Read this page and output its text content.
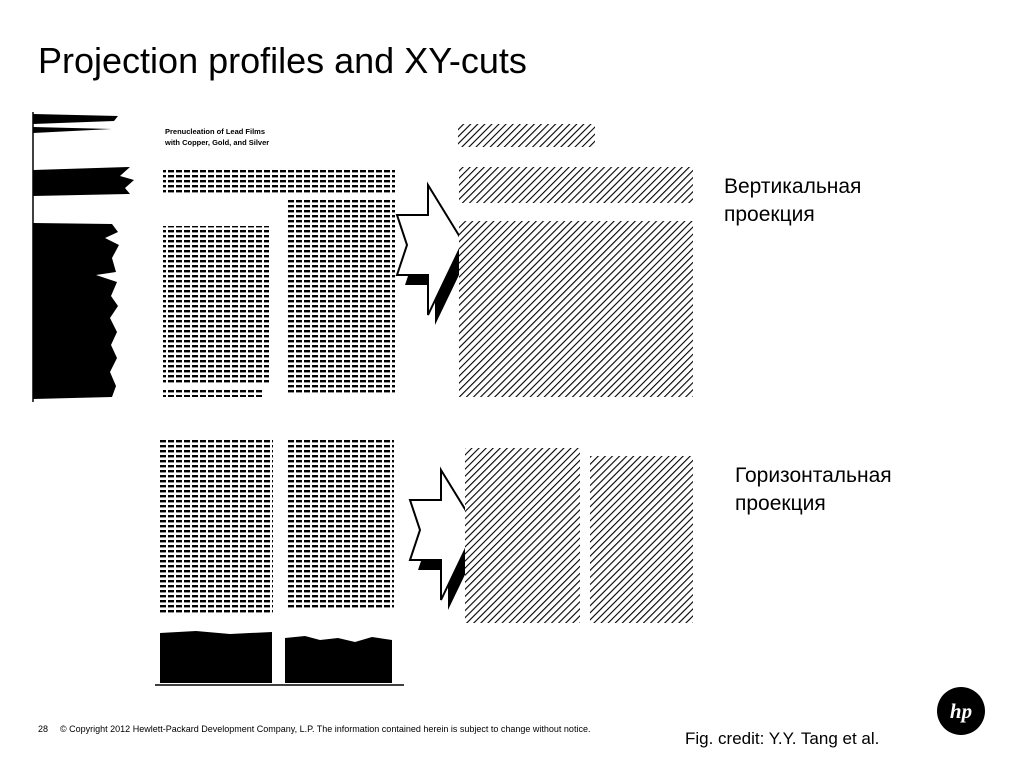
Projection profiles and XY-cuts
Вертикальная проекция
Горизонтальная проекция
Prenucleation of Lead Films
with Copper, Gold, and Silver
28 © Copyright 2012 Hewlett-Packard Development Company, L.P. The information contained herein is subject to change without notice.	Fig. credit: Y.Y. Tang et al.
hp
